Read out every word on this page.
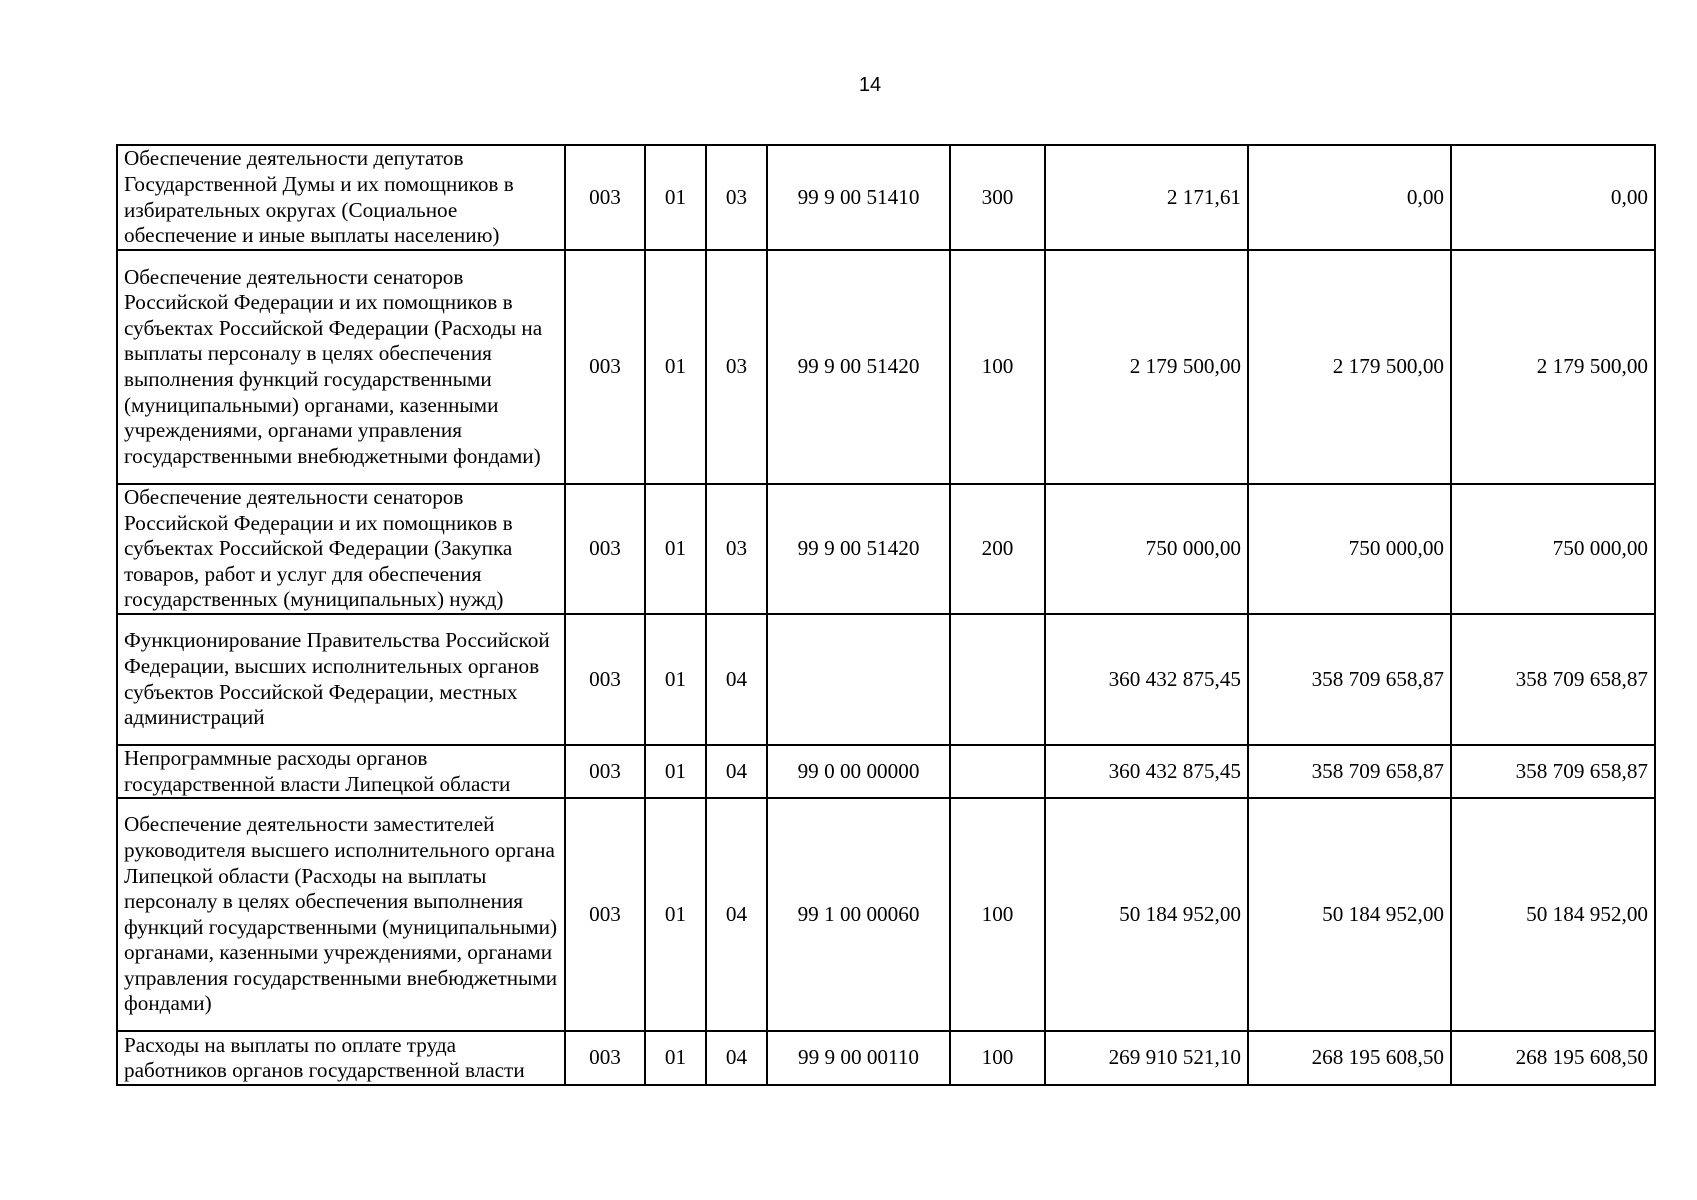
14
Обеспечение деятельности депутатов Государственной Думы и их помощников в избирательных округах (Социальное обеспечение и иные выплаты населению)	003	01	03	99 9 00 51410	300	2 171,61	0,00	0,00
Обеспечение деятельности сенаторов Российской Федерации и их помощников в субъектах Российской Федерации (Расходы на выплаты персоналу в целях обеспечения выполнения функций государственными (муниципальными) органами, казенными учреждениями, органами управления государственными внебюджетными фондами)	003	01	03	99 9 00 51420	100	2 179 500,00	2 179 500,00	2 179 500,00
Обеспечение деятельности сенаторов Российской Федерации и их помощников в субъектах Российской Федерации (Закупка товаров, работ и услуг для обеспечения государственных (муниципальных) нужд)	003	01	03	99 9 00 51420	200	750 000,00	750 000,00	750 000,00
Функционирование Правительства Российской Федерации, высших исполнительных органов субъектов Российской Федерации, местных администраций	003	01	04			360 432 875,45	358 709 658,87	358 709 658,87
Непрограммные расходы органов государственной власти Липецкой области	003	01	04	99 0 00 00000		360 432 875,45	358 709 658,87	358 709 658,87
Обеспечение деятельности заместителей руководителя высшего исполнительного органа Липецкой области (Расходы на выплаты персоналу в целях обеспечения выполнения функций государственными (муниципальными) органами, казенными учреждениями, органами управления государственными внебюджетными фондами)	003	01	04	99 1 00 00060	100	50 184 952,00	50 184 952,00	50 184 952,00
Расходы на выплаты по оплате труда работников органов государственной власти	003	01	04	99 9 00 00110	100	269 910 521,10	268 195 608,50	268 195 608,50
